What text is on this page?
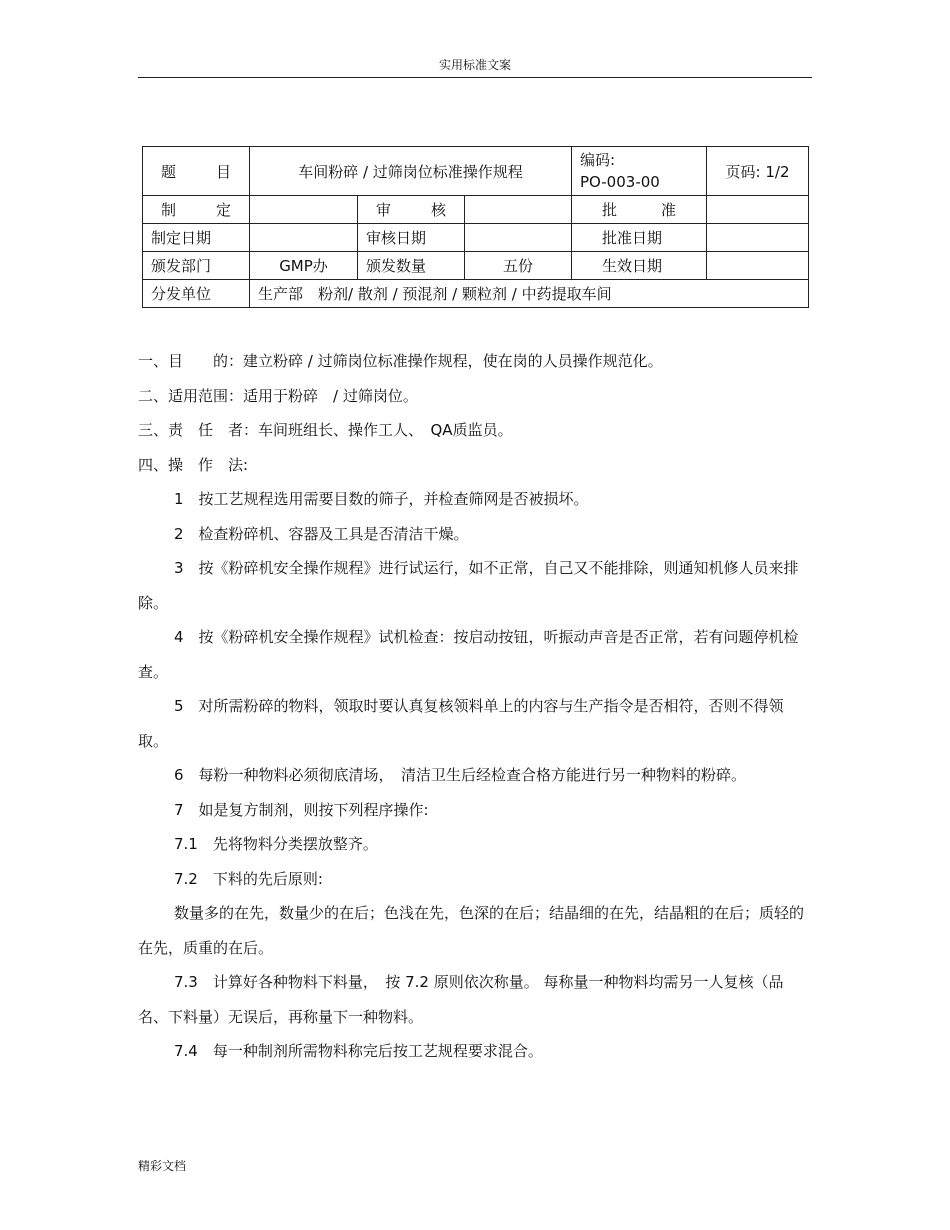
实用标准文案
题　目	车间粉碎 / 过筛岗位标准操作规程			编码:
PO-003-00	页码: 1/2
制　定		审　核		批　准	
制定日期		审核日期		批准日期	
颁发部门	GMP办	颁发数量	五份	生效日期	
分发单位	生产部　粉剂/ 散剂 / 预混剂 / 颗粒剂 / 中药提取车间				

一、目　　的：建立粉碎 / 过筛岗位标准操作规程，使在岗的人员操作规范化。

二、适用范围：适用于粉碎　/ 过筛岗位。

三、责　任　者：车间班组长、操作工人、　QA质监员。

四、操　作　法:

1　按工艺规程选用需要目数的筛子，并检查筛网是否被损坏。

2　检查粉碎机、容器及工具是否清洁干燥。

3　按《粉碎机安全操作规程》进行试运行，如不正常，自己又不能排除，则通知机修人员来排除。

4　按《粉碎机安全操作规程》试机检查：按启动按钮，听振动声音是否正常，若有问题停机检查。

5　对所需粉碎的物料，领取时要认真复核领料单上的内容与生产指令是否相符，否则不得领取。

6　每粉一种物料必须彻底清场，　清洁卫生后经检查合格方能进行另一种物料的粉碎。

7　如是复方制剂，则按下列程序操作:

7.1　先将物料分类摆放整齐。

7.2　下料的先后原则:

数量多的在先，数量少的在后；色浅在先，色深的在后；结晶细的在先，结晶粗的在后；质轻的在先，质重的在后。

7.3　计算好各种物料下料量，　按 7.2 原则依次称量。 每称量一种物料均需另一人复核（品名、下料量）无误后，再称量下一种物料。

7.4　每一种制剂所需物料称完后按工艺规程要求混合。

精彩文档
